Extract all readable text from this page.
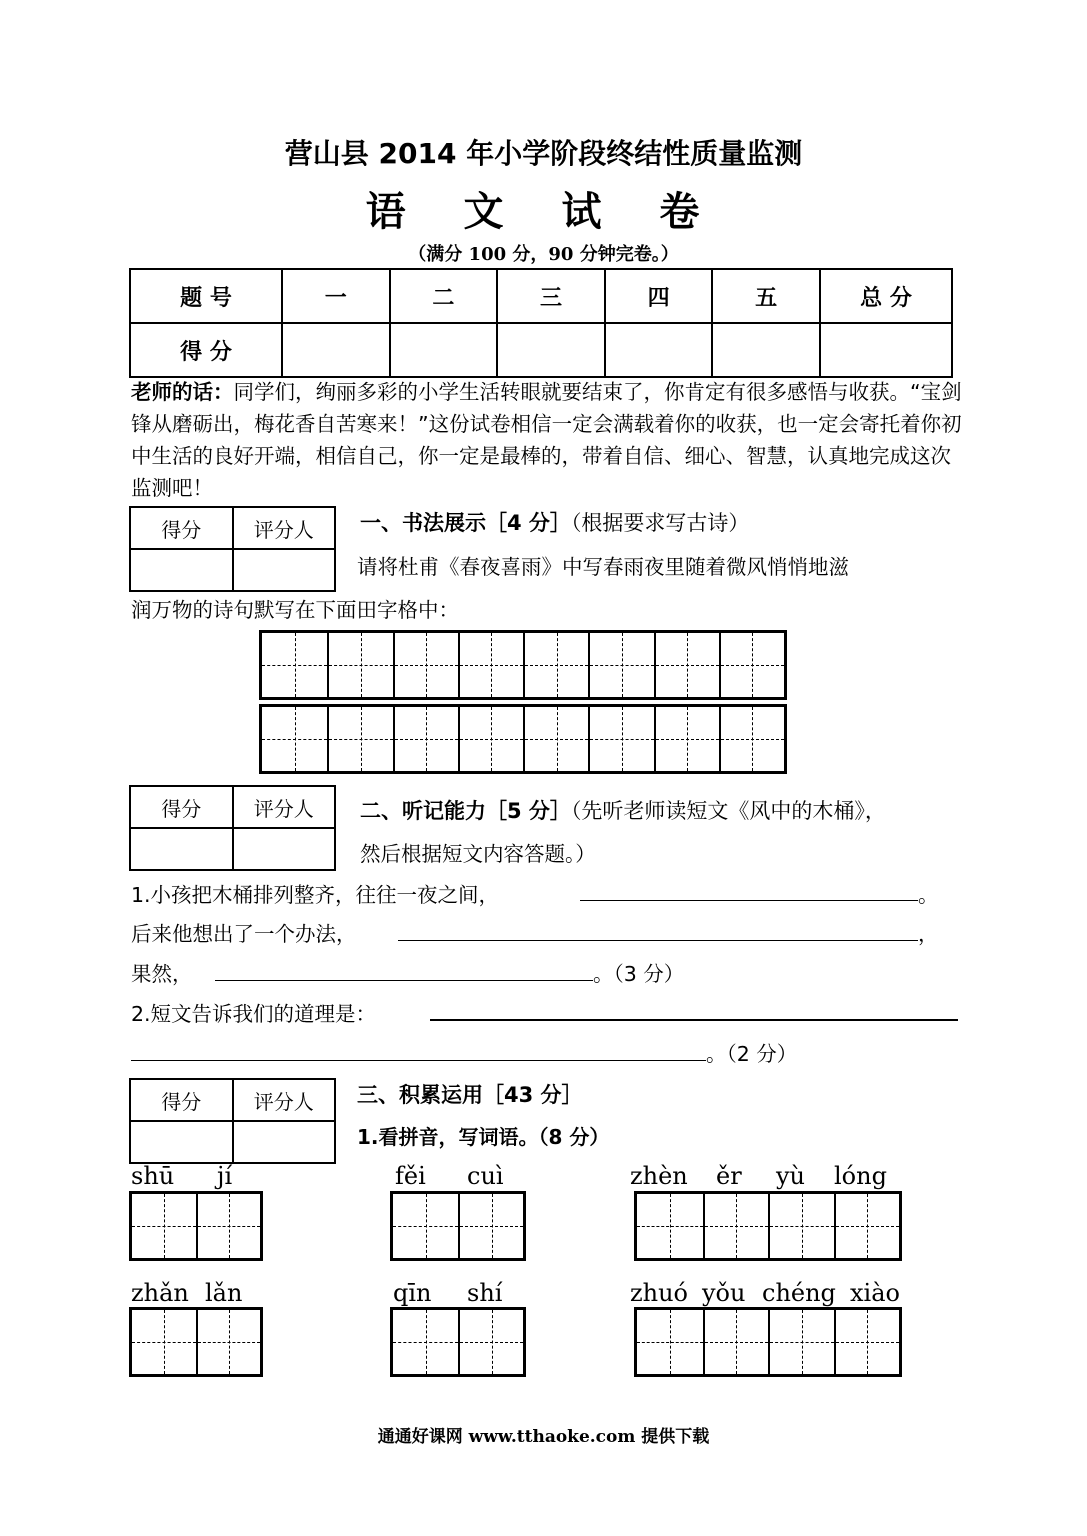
营山县 2014 年小学阶段终结性质量监测
语 文 试 卷
（满分 100 分，90 分钟完卷。）
题 号	一	二	三	四	五	总 分
得 分						
老师的话：同学们，绚丽多彩的小学生活转眼就要结束了，你肯定有很多感悟与收获。“宝剑锋从磨砺出，梅花香自苦寒来！”这份试卷相信一定会满载着你的收获，也一定会寄托着你初中生活的良好开端，相信自己，你一定是最棒的，带着自信、细心、智慧，认真地完成这次监测吧！
得分	评分人
	一、书法展示［4 分］（根据要求写古诗）
请将杜甫《春夜喜雨》中写春雨夜里随着微风悄悄地滋
润万物的诗句默写在下面田字格中：
得分	评分人
	二、听记能力［5 分］（先听老师读短文《风中的木桶》，
然后根据短文内容答题。）
1.小孩把木桶排列整齐，往往一夜之间，	。
后来他想出了一个办法，	，
果然，	。（3 分）
2.短文告诉我们的道理是：
。（2 分）
得分	评分人
	三、积累运用［43 分］
1.看拼音，写词语。（8 分）
shū jí	fěi cuì	zhèn ěr yù lóng
zhǎn lǎn	qīn shí	zhuó yǒu chéng xiào
通通好课网 www.tthaoke.com 提供下载
